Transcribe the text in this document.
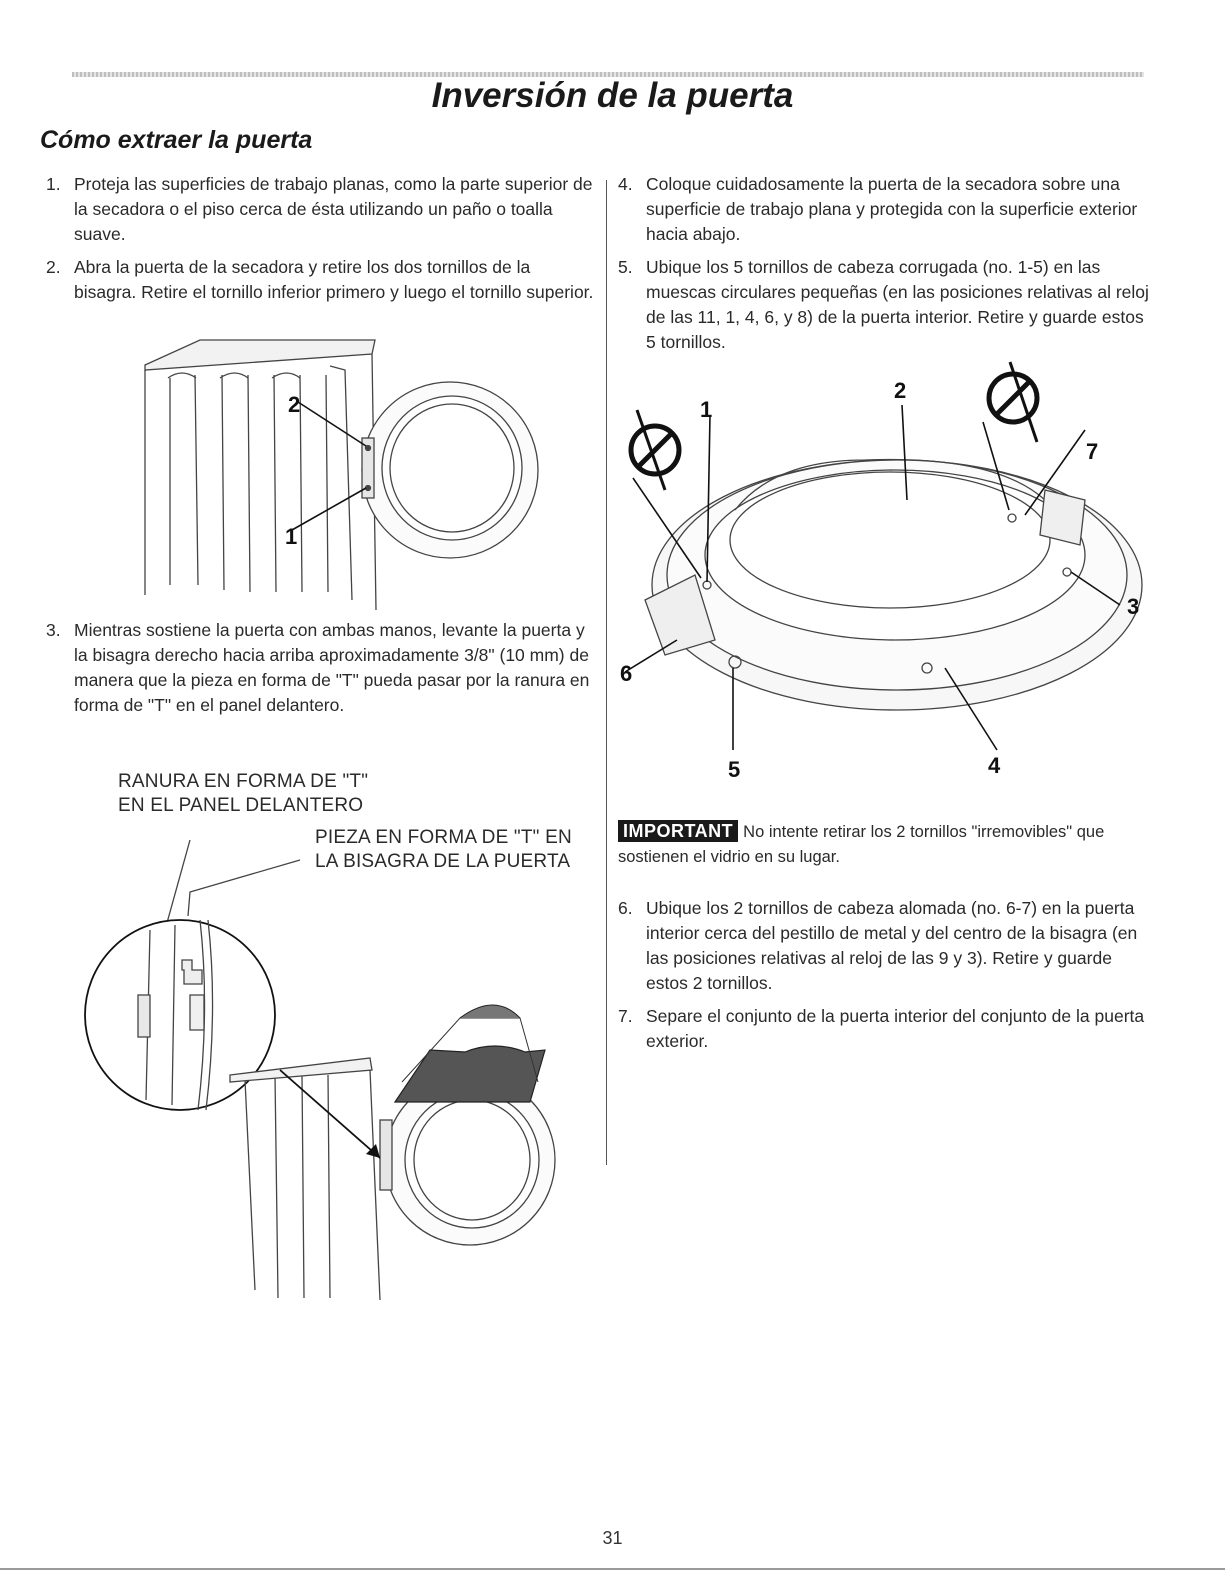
Inversión de la puerta
Cómo extraer la puerta
1. Proteja las superficies de trabajo planas, como la parte superior de la secadora o el piso cerca de ésta utilizando un paño o toalla suave.
2. Abra la puerta de la secadora y retire los dos tornillos de la bisagra. Retire el tornillo inferior primero y luego el tornillo superior.
2
1
3. Mientras sostiene la puerta con ambas manos, levante la puerta y la bisagra derecho hacia arriba aproximadamente 3/8" (10 mm) de manera que la pieza en forma de "T" pueda pasar por la ranura en forma de "T" en el panel delantero.
RANURA EN FORMA DE "T"
EN EL PANEL DELANTERO
PIEZA EN FORMA DE "T" EN
LA BISAGRA DE LA PUERTA
4. Coloque cuidadosamente la puerta de la secadora sobre una superficie de trabajo plana y protegida con la superficie exterior hacia abajo.
5. Ubique los 5 tornillos de cabeza corrugada (no. 1-5) en las muescas circulares pequeñas (en las posiciones relativas al reloj de las 11, 1, 4, 6, y 8) de la puerta interior. Retire y guarde estos 5 tornillos.
1
2
3
4
5
6
7
IMPORTANT No intente retirar los 2 tornillos "irremovibles" que sostienen el vidrio en su lugar.
6. Ubique los 2 tornillos de cabeza alomada (no. 6-7) en la puerta interior cerca del pestillo de metal y del centro de la bisagra (en las posiciones relativas al reloj de las 9 y 3). Retire y guarde estos 2 tornillos.
7. Separe el conjunto de la puerta interior del conjunto de la puerta exterior.
31
